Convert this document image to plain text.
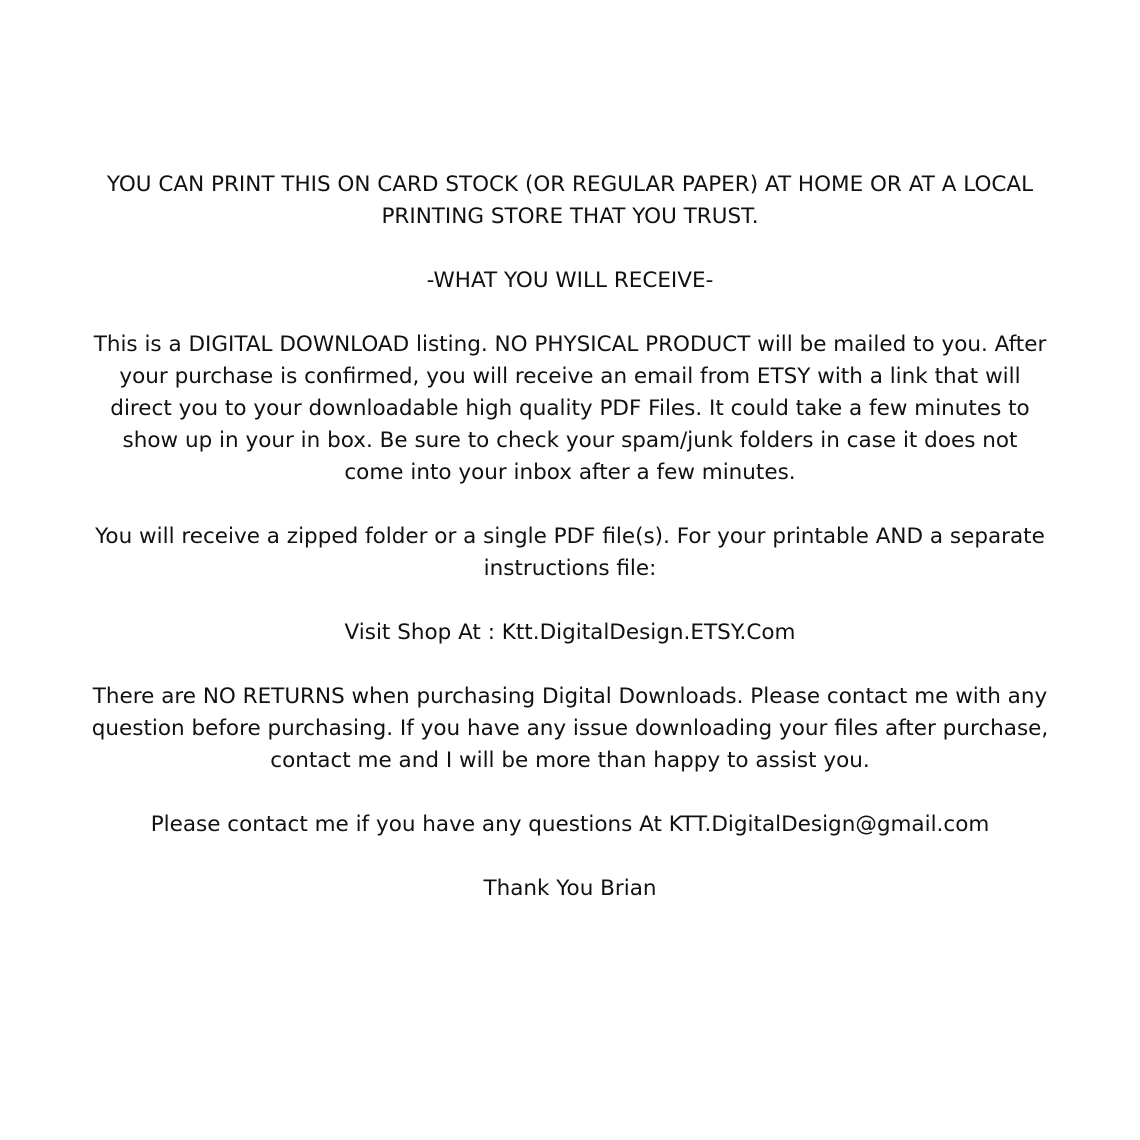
YOU CAN PRINT THIS ON CARD STOCK (OR REGULAR PAPER) AT HOME OR AT A LOCAL PRINTING STORE THAT YOU TRUST.

-WHAT YOU WILL RECEIVE-

This is a DIGITAL DOWNLOAD listing. NO PHYSICAL PRODUCT will be mailed to you. After your purchase is confirmed, you will receive an email from ETSY with a link that will direct you to your downloadable high quality PDF Files. It could take a few minutes to show up in your in box. Be sure to check your spam/junk folders in case it does not come into your inbox after a few minutes.

You will receive a zipped folder or a single PDF file(s). For your printable AND a separate instructions file:

Visit Shop At : Ktt.DigitalDesign.ETSY.Com

There are NO RETURNS when purchasing Digital Downloads. Please contact me with any question before purchasing. If you have any issue downloading your files after purchase, contact me and I will be more than happy to assist you.

Please contact me if you have any questions At KTT.DigitalDesign@gmail.com

Thank You Brian
